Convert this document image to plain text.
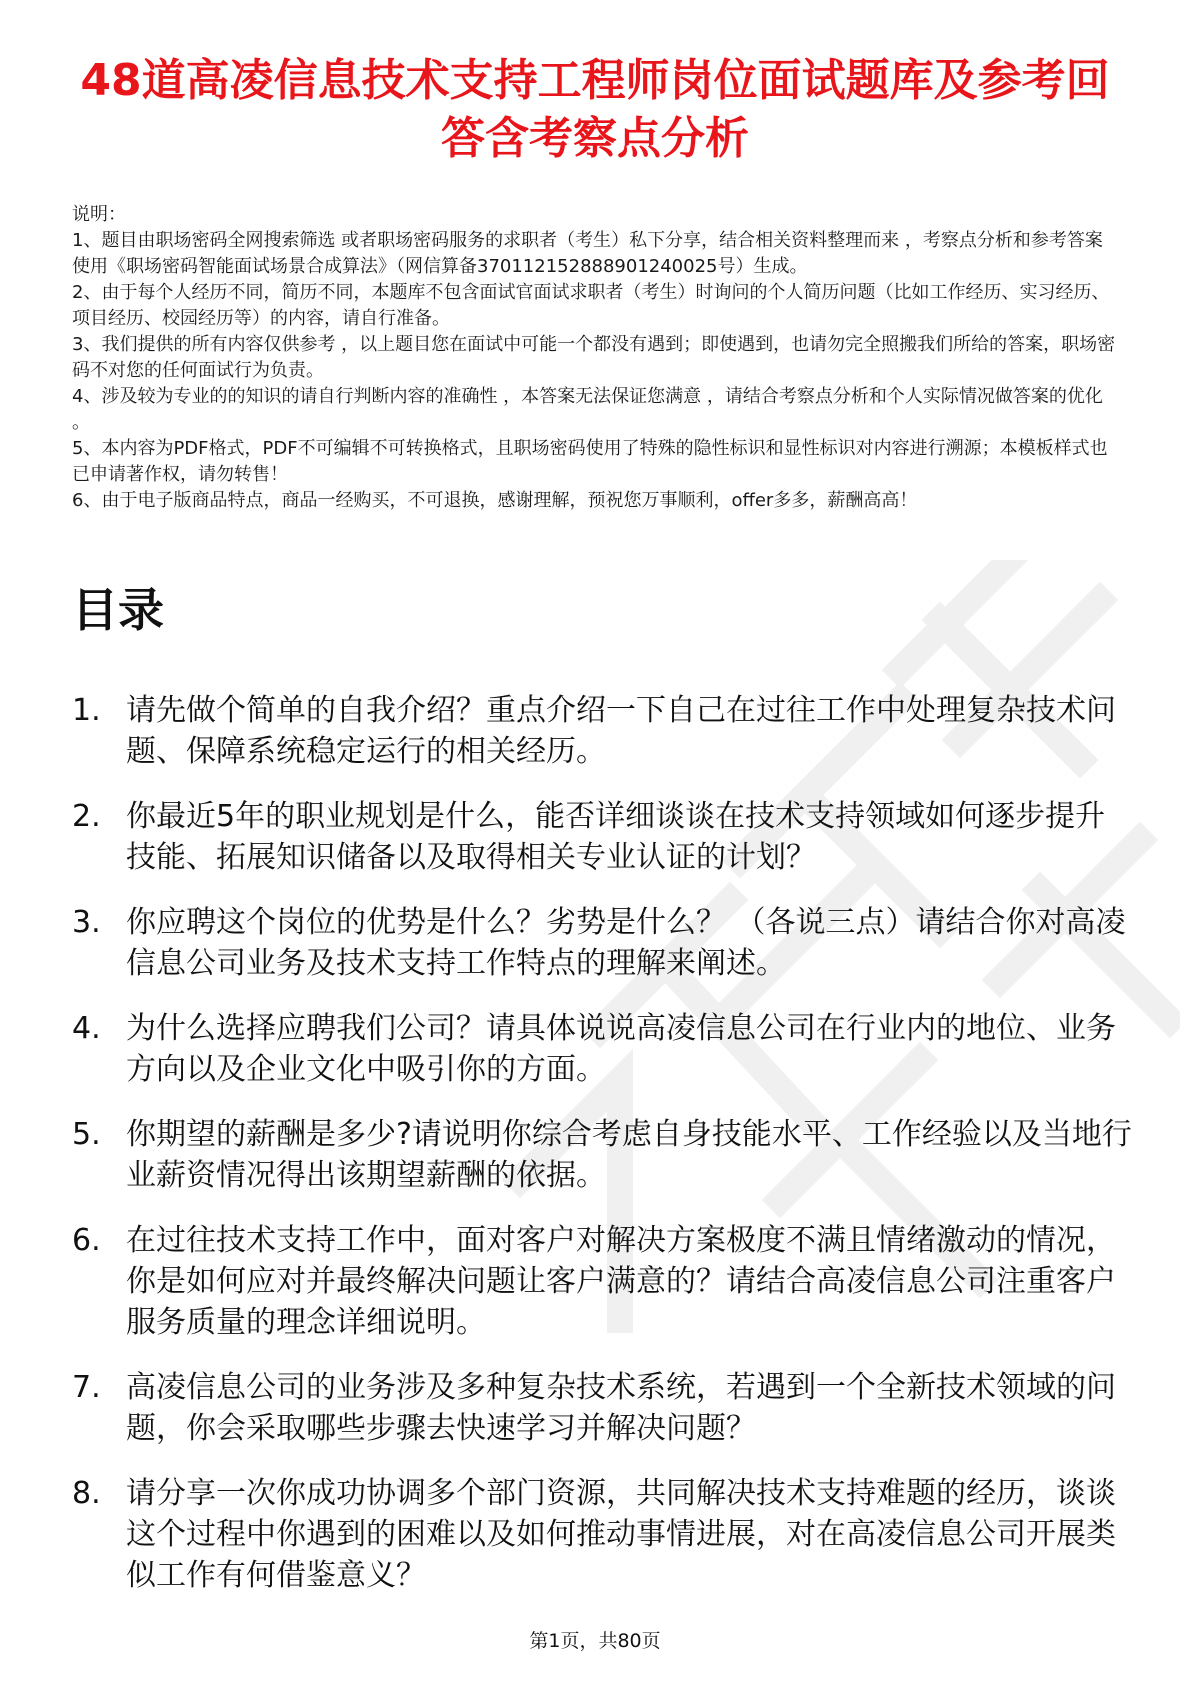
48道高凌信息技术支持工程师岗位面试题库及参考回答含考察点分析

说明：

1、题目由职场密码全网搜索筛选 或者职场密码服务的求职者（考生）私下分享，结合相关资料整理而来 ，考察点分析和参考答案使用《职场密码智能面试场景合成算法》（网信算备370112152888901240025号）生成。

2、由于每个人经历不同，简历不同，本题库不包含面试官面试求职者（考生）时询问的个人简历问题（比如工作经历、实习经历、项目经历、校园经历等）的内容，请自行准备。

3、我们提供的所有内容仅供参考 ，以上题目您在面试中可能一个都没有遇到；即使遇到，也请勿完全照搬我们所给的答案，职场密码不对您的任何面试行为负责。

4、涉及较为专业的的知识的请自行判断内容的准确性 ，本答案无法保证您满意 ，请结合考察点分析和个人实际情况做答案的优化 。

5、本内容为PDF格式，PDF不可编辑不可转换格式，且职场密码使用了特殊的隐性标识和显性标识对内容进行溯源；本模板样式也已申请著作权，请勿转售！

6、由于电子版商品特点，商品一经购买，不可退换，感谢理解，预祝您万事顺利，offer多多，薪酬高高！

目录
1. 请先做个简单的自我介绍？重点介绍一下自己在过往工作中处理复杂技术问题、保障系统稳定运行的相关经历。
2. 你最近5年的职业规划是什么，能否详细谈谈在技术支持领域如何逐步提升技能、拓展知识储备以及取得相关专业认证的计划？
3. 你应聘这个岗位的优势是什么？劣势是什么？ （各说三点）请结合你对高凌信息公司业务及技术支持工作特点的理解来阐述。
4. 为什么选择应聘我们公司？请具体说说高凌信息公司在行业内的地位、业务方向以及企业文化中吸引你的方面。
5. 你期望的薪酬是多少?请说明你综合考虑自身技能水平、工作经验以及当地行业薪资情况得出该期望薪酬的依据。
6. 在过往技术支持工作中，面对客户对解决方案极度不满且情绪激动的情况，你是如何应对并最终解决问题让客户满意的？请结合高凌信息公司注重客户服务质量的理念详细说明。
7. 高凌信息公司的业务涉及多种复杂技术系统，若遇到一个全新技术领域的问题，你会采取哪些步骤去快速学习并解决问题？
8. 请分享一次你成功协调多个部门资源，共同解决技术支持难题的经历，谈谈这个过程中你遇到的困难以及如何推动事情进展，对在高凌信息公司开展类似工作有何借鉴意义？
第1页，共80页
